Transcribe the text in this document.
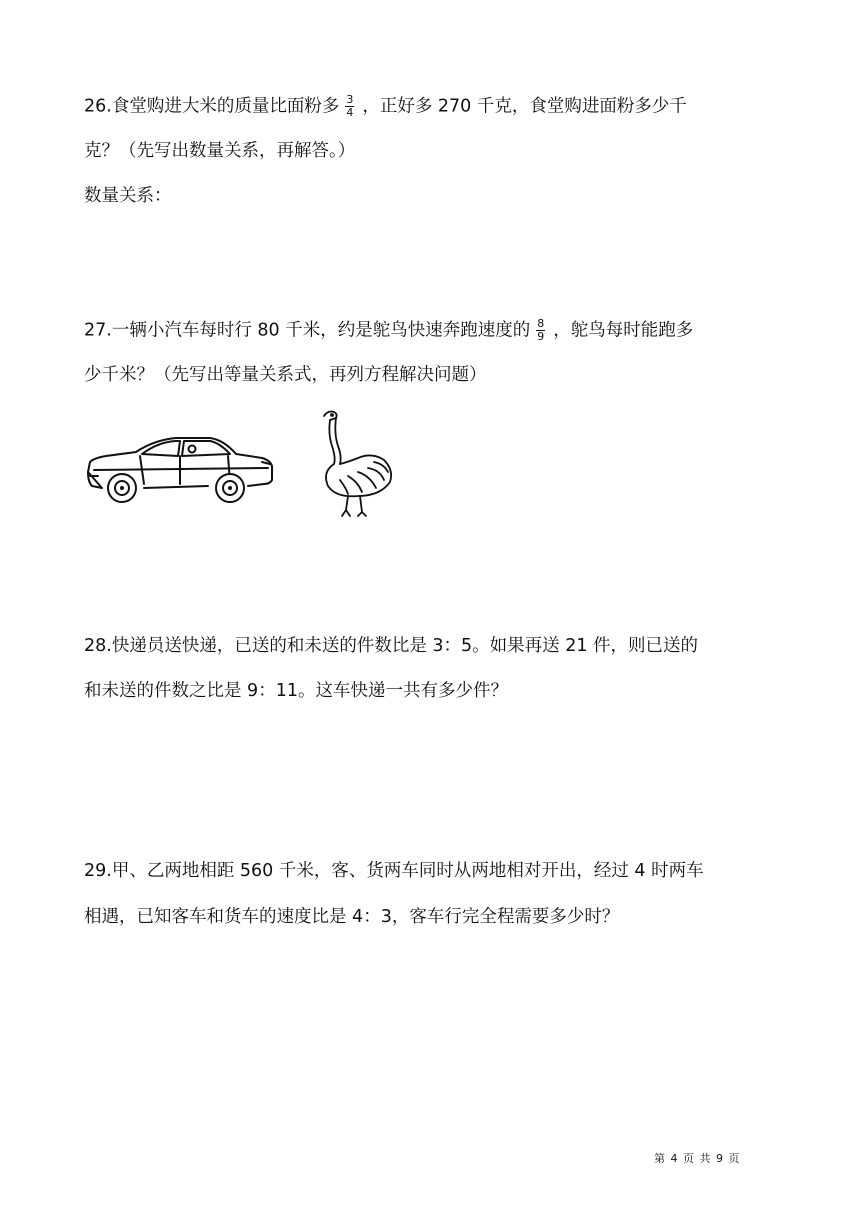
26.食堂购进大米的质量比面粉多 $\frac{3}{4}$ ，正好多 270 千克，食堂购进面粉多少千
克？（先写出数量关系，再解答。）
数量关系：
27.一辆小汽车每时行 80 千米，约是鸵鸟快速奔跑速度的 $\frac{8}{9}$ ，鸵鸟每时能跑多
少千米？（先写出等量关系式，再列方程解决问题）
28.快递员送快递，已送的和未送的件数比是 3：5。如果再送 21 件，则已送的
和未送的件数之比是 9：11。这车快递一共有多少件？
29.甲、乙两地相距 560 千米，客、货两车同时从两地相对开出，经过 4 时两车
相遇，已知客车和货车的速度比是 4：3，客车行完全程需要多少时？
第 4 页 共 9 页
